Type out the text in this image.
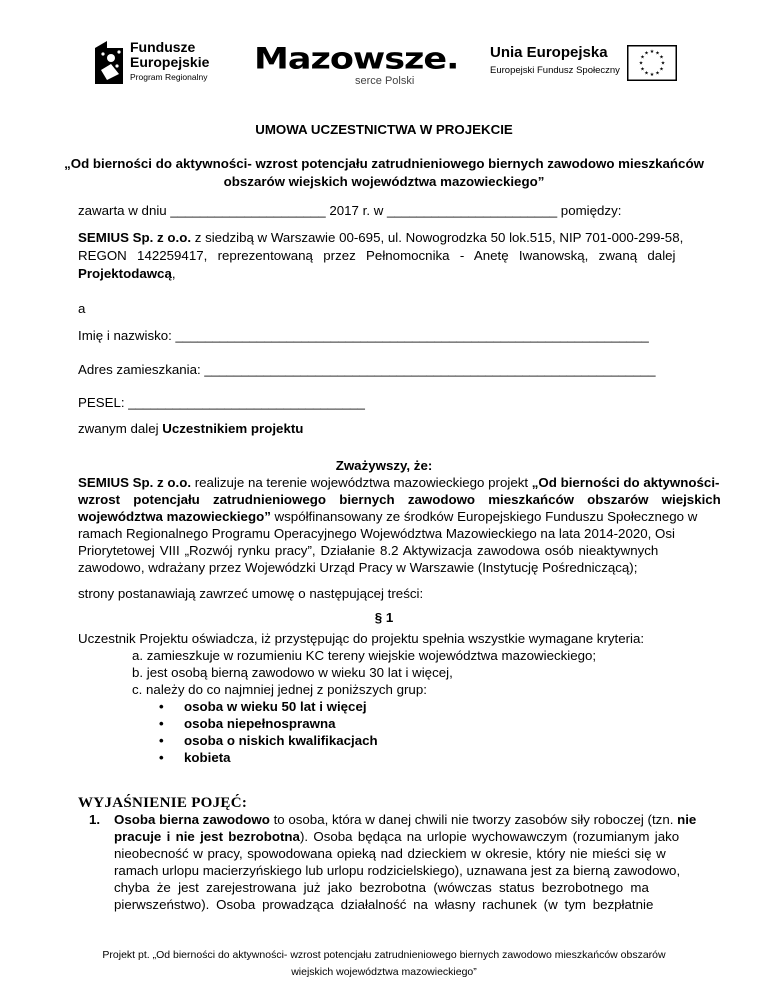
Fundusze
Europejskie
Program Regionalny
Mazowsze.
serce Polski
Unia Europejska
Europejski Fundusz Społeczny
★ ★
★
★
★
★
★
★
★
★
★
★
UMOWA UCZESTNICTWA W PROJEKCIE
„Od bierności do aktywności- wzrost potencjału zatrudnieniowego biernych zawodowo mieszkańców
obszarów wiejskich województwa mazowieckiego”
zawarta w dniu _____________________ 2017 r. w _______________________ pomiędzy:
SEMIUS Sp. z o.o. z siedzibą w Warszawie 00-695, ul. Nowogrodzka 50 lok.515, NIP 701-000-299-58,
REGON 142259417, reprezentowaną przez Pełnomocnika - Anetę Iwanowską, zwaną dalej
Projektodawcą,
a
Imię i nazwisko: ________________________________________________________________
Adres zamieszkania: _____________________________________________________________
PESEL: ________________________________
zwanym dalej Uczestnikiem projektu
Zważywszy, że:
SEMIUS Sp. z o.o. realizuje na terenie województwa mazowieckiego projekt „Od bierności do aktywności-
wzrost potencjału zatrudnieniowego biernych zawodowo mieszkańców obszarów wiejskich
województwa mazowieckiego” współfinansowany ze środków Europejskiego Funduszu Społecznego w
ramach Regionalnego Programu Operacyjnego Województwa Mazowieckiego na lata 2014-2020, Osi
Priorytetowej VIII „Rozwój rynku pracy”, Działanie 8.2 Aktywizacja zawodowa osób nieaktywnych
zawodowo, wdrażany przez Wojewódzki Urząd Pracy w Warszawie (Instytucję Pośredniczącą);
strony postanawiają zawrzeć umowę o następującej treści:
§ 1
Uczestnik Projektu oświadcza, iż przystępując do projektu spełnia wszystkie wymagane kryteria:
a. zamieszkuje w rozumieniu KC tereny wiejskie województwa mazowieckiego;
b. jest osobą bierną zawodowo w wieku 30 lat i więcej,
c. należy do co najmniej jednej z poniższych grup:
• osoba w wieku 50 lat i więcej
• osoba niepełnosprawna
• osoba o niskich kwalifikacjach
• kobieta
WYJAŚNIENIE POJĘĆ:
1. Osoba bierna zawodowo to osoba, która w danej chwili nie tworzy zasobów siły roboczej (tzn. nie
pracuje i nie jest bezrobotna). Osoba będąca na urlopie wychowawczym (rozumianym jako
nieobecność w pracy, spowodowana opieką nad dzieckiem w okresie, który nie mieści się w
ramach urlopu macierzyńskiego lub urlopu rodzicielskiego), uznawana jest za bierną zawodowo,
chyba że jest zarejestrowana już jako bezrobotna (wówczas status bezrobotnego ma
pierwszeństwo). Osoba prowadząca działalność na własny rachunek (w tym bezpłatnie
Projekt pt. „Od bierności do aktywności- wzrost potencjału zatrudnieniowego biernych zawodowo mieszkańców obszarów
wiejskich województwa mazowieckiego”
